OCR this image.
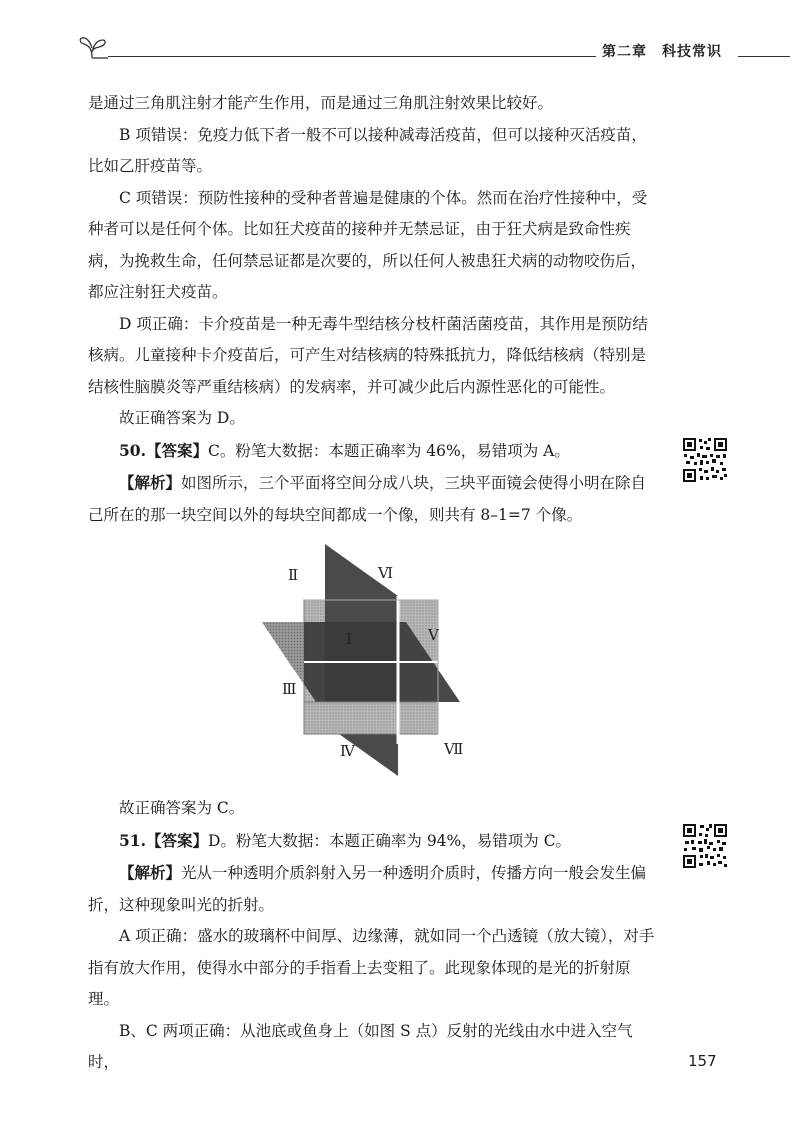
第二章　科技常识

是通过三角肌注射才能产生作用，而是通过三角肌注射效果比较好。

B 项错误：免疫力低下者一般不可以接种减毒活疫苗，但可以接种灭活疫苗，比如乙肝疫苗等。

C 项错误：预防性接种的受种者普遍是健康的个体。然而在治疗性接种中，受种者可以是任何个体。比如狂犬疫苗的接种并无禁忌证，由于狂犬病是致命性疾病，为挽救生命，任何禁忌证都是次要的，所以任何人被患狂犬病的动物咬伤后，都应注射狂犬疫苗。

D 项正确：卡介疫苗是一种无毒牛型结核分枝杆菌活菌疫苗，其作用是预防结核病。儿童接种卡介疫苗后，可产生对结核病的特殊抵抗力，降低结核病（特别是结核性脑膜炎等严重结核病）的发病率，并可减少此后内源性恶化的可能性。

故正确答案为 D。

50.【答案】C。粉笔大数据：本题正确率为 46%，易错项为 A。

【解析】如图所示，三个平面将空间分成八块，三块平面镜会使得小明在除自己所在的那一块空间以外的每块空间都成一个像，则共有 8–1=7 个像。

故正确答案为 C。

51.【答案】D。粉笔大数据：本题正确率为 94%，易错项为 C。

【解析】光从一种透明介质斜射入另一种透明介质时，传播方向一般会发生偏折，这种现象叫光的折射。

A 项正确：盛水的玻璃杯中间厚、边缘薄，就如同一个凸透镜（放大镜），对手指有放大作用，使得水中部分的手指看上去变粗了。此现象体现的是光的折射原理。

B、C 两项正确：从池底或鱼身上（如图 S 点）反射的光线由水中进入空气时，

Ⅱ	Ⅵ
Ⅰ	Ⅴ
Ⅲ
Ⅳ	Ⅶ
157
